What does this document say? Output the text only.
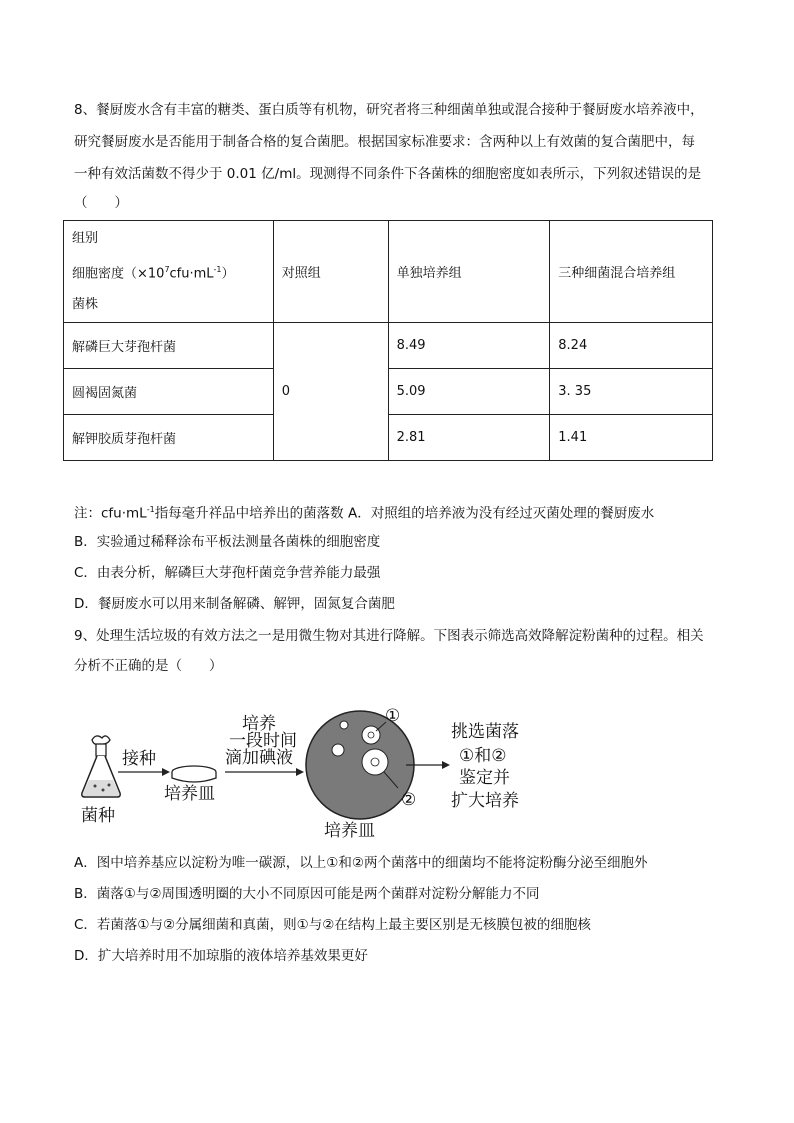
8、餐厨废水含有丰富的糖类、蛋白质等有机物，研究者将三种细菌单独或混合接种于餐厨废水培养液中，
研究餐厨废水是否能用于制备合格的复合菌肥。根据国家标准要求：含两种以上有效菌的复合菌肥中，每
一种有效活菌数不得少于 0.01 亿/ml。现测得不同条件下各菌株的细胞密度如表所示，下列叙述错误的是
（　　）
组别
细胞密度$(\times 10^7cfu\cdot mL^{-1})$
菌株	对照组	单独培养组	三种细菌混合培养组
解磷巨大芽孢杆菌	0	8.49	8.24
圆褐固氮菌		5.09	3. 35
解钾胶质芽孢杆菌		2.81	1.41
注：$cfu\cdot mL^{-1}$指每毫升祥品中培养出的菌落数 A．对照组的培养液为没有经过灭菌处理的餐厨废水
B．实验通过稀释涂布平板法测量各菌株的细胞密度
C．由表分析，解磷巨大芽孢杆菌竞争营养能力最强
D．餐厨废水可以用来制备解磷、解钾，固氮复合菌肥
9、处理生活垃圾的有效方法之一是用微生物对其进行降解。下图表示筛选高效降解淀粉菌种的过程。相关
分析不正确的是（　　）
菌种
接种
培养皿
培养
一段时间
滴加碘液
①
②
培养皿
挑选菌落
①和②
鉴定并
扩大培养
A．图中培养基应以淀粉为唯一碳源，以上①和②两个菌落中的细菌均不能将淀粉酶分泌至细胞外
B．菌落①与②周围透明圈的大小不同原因可能是两个菌群对淀粉分解能力不同
C．若菌落①与②分属细菌和真菌，则①与②在结构上最主要区别是无核膜包被的细胞核
D．扩大培养时用不加琼脂的液体培养基效果更好
